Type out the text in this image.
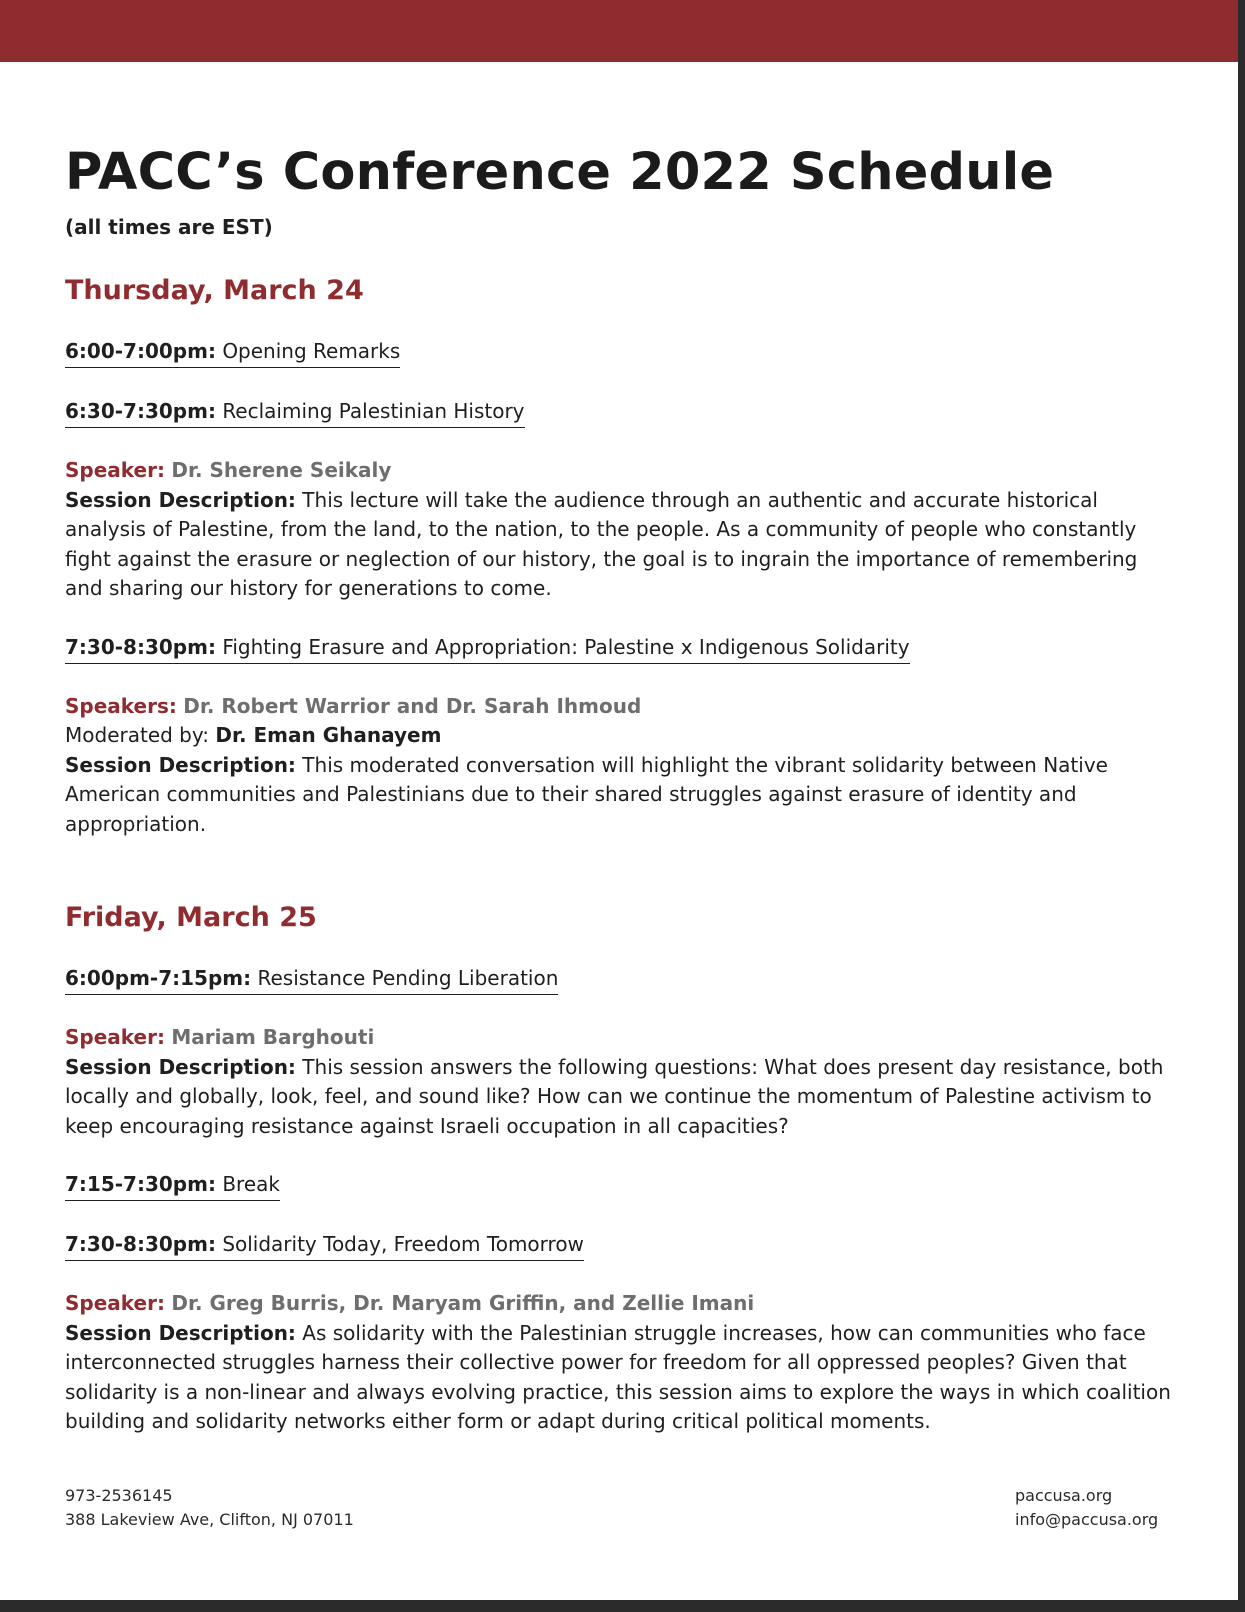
PACC’s Conference 2022 Schedule
(all times are EST)
Thursday, March 24
6:00-7:00pm: Opening Remarks
6:30-7:30pm: Reclaiming Palestinian History
Speaker: Dr. Sherene Seikaly
Session Description: This lecture will take the audience through an authentic and accurate historical analysis of Palestine, from the land, to the nation, to the people. As a community of people who constantly fight against the erasure or neglection of our history, the goal is to ingrain the importance of remembering and sharing our history for generations to come.
7:30-8:30pm: Fighting Erasure and Appropriation: Palestine x Indigenous Solidarity
Speakers: Dr. Robert Warrior and Dr. Sarah Ihmoud
Moderated by: Dr. Eman Ghanayem
Session Description: This moderated conversation will highlight the vibrant solidarity between Native American communities and Palestinians due to their shared struggles against erasure of identity and appropriation.
Friday, March 25
6:00pm-7:15pm: Resistance Pending Liberation
Speaker: Mariam Barghouti
Session Description: This session answers the following questions: What does present day resistance, both locally and globally, look, feel, and sound like? How can we continue the momentum of Palestine activism to keep encouraging resistance against Israeli occupation in all capacities?
7:15-7:30pm: Break
7:30-8:30pm: Solidarity Today, Freedom Tomorrow
Speaker: Dr. Greg Burris, Dr. Maryam Griffin, and Zellie Imani
Session Description: As solidarity with the Palestinian struggle increases, how can communities who face interconnected struggles harness their collective power for freedom for all oppressed peoples? Given that solidarity is a non-linear and always evolving practice, this session aims to explore the ways in which coalition building and solidarity networks either form or adapt during critical political moments.
973-2536145
388 Lakeview Ave, Clifton, NJ 07011
paccusa.org
info@paccusa.org
